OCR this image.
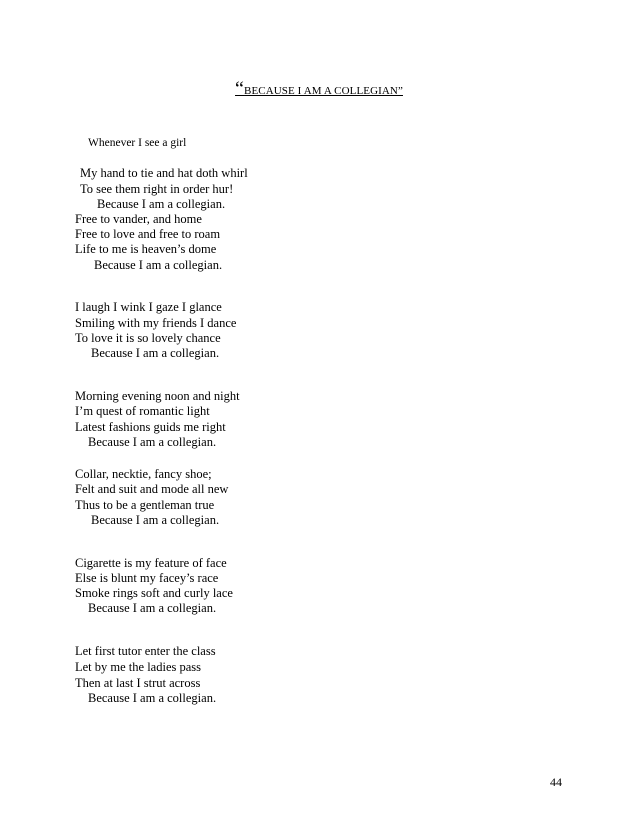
“BECAUSE I AM A COLLEGIAN”
Whenever I see a girl
My hand to tie and hat doth whirl
To see them right in order hur!
Because I am a collegian.
Free to vander, and home
Free to love and free to roam
Life to me is heaven’s dome
Because I am a collegian.
I laugh I wink I gaze I glance
Smiling with my friends I dance
To love it is so lovely chance
Because I am a collegian.
Morning evening noon and night
I’m quest of romantic light
Latest fashions guids me right
Because I am a collegian.
Collar, necktie, fancy shoe;
Felt and suit and mode all new
Thus to be a gentleman true
Because I am a collegian.
Cigarette is my feature of face
Else is blunt my facey’s race
Smoke rings soft and curly lace
Because I am a collegian.
Let first tutor enter the class
Let by me the ladies pass
Then at last I strut across
Because I am a collegian.
44
